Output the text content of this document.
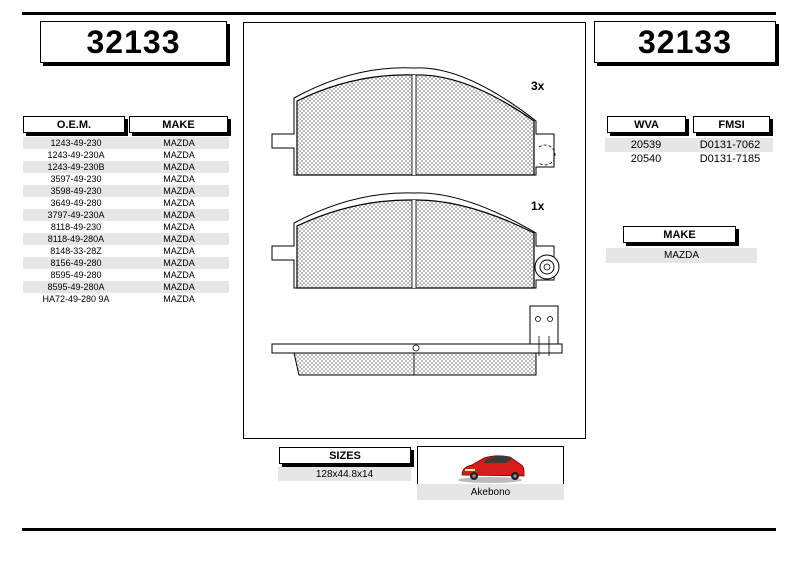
32133	32133
O.E.M.	MAKE
1243-49-230	MAZDA
1243-49-230A	MAZDA
1243-49-230B	MAZDA
3597-49-230	MAZDA
3598-49-230	MAZDA
3649-49-280	MAZDA
3797-49-230A	MAZDA
8118-49-230	MAZDA
8118-49-280A	MAZDA
8148-33-28Z	MAZDA
8156-49-280	MAZDA
8595-49-280	MAZDA
8595-49-280A	MAZDA
HA72-49-280 9A	MAZDA
WVA	FMSI
20539	D0131-7062
20540	D0131-7185
MAKE
MAZDA
3x
1x
SIZES
128x44.8x14
Akebono
